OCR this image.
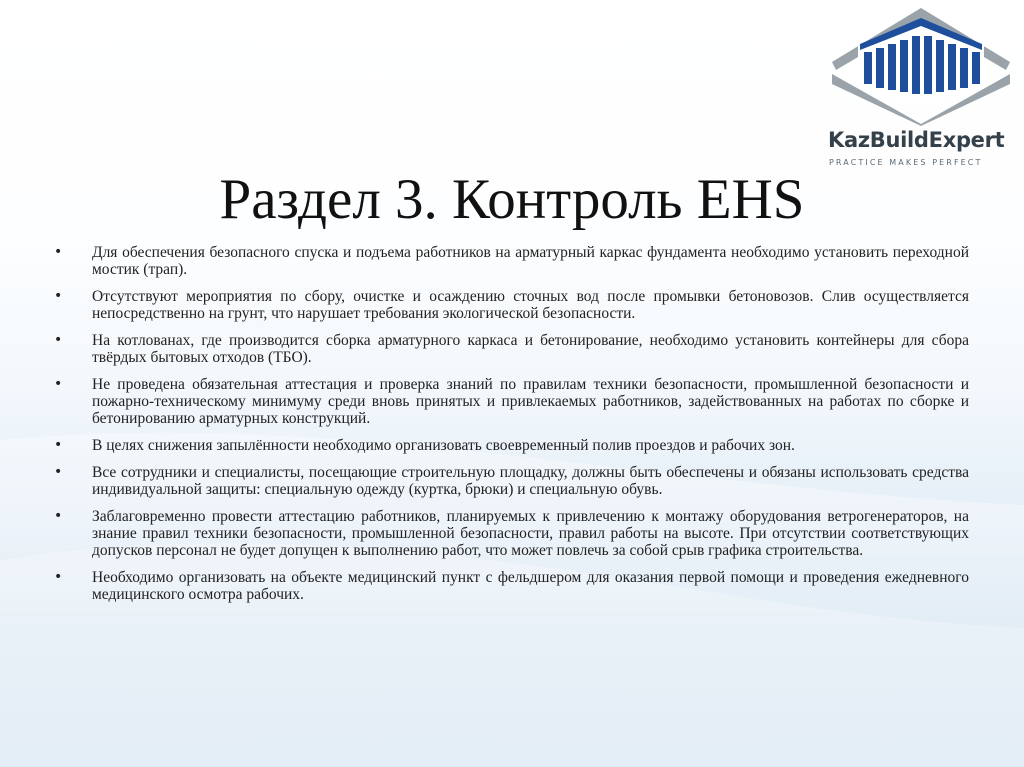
KazBuildExpert
PRACTICE MAKES PERFECT
Раздел 3. Контроль EHS
• Для обеспечения безопасного спуска и подъема работников на арматурный каркас фундамента необходимо установить переходной мостик (трап).
• Отсутствуют мероприятия по сбору, очистке и осаждению сточных вод после промывки бетоновозов. Слив осуществляется непосредственно на грунт, что нарушает требования экологической безопасности.
• На котлованах, где производится сборка арматурного каркаса и бетонирование, необходимо установить контейнеры для сбора твёрдых бытовых отходов (ТБО).
• Не проведена обязательная аттестация и проверка знаний по правилам техники безопасности, промышленной безопасности и пожарно-техническому минимуму среди вновь принятых и привлекаемых работников, задействованных на работах по сборке и бетонированию арматурных конструкций.
• В целях снижения запылённости необходимо организовать своевременный полив проездов и рабочих зон.
• Все сотрудники и специалисты, посещающие строительную площадку, должны быть обеспечены и обязаны использовать средства индивидуальной защиты: специальную одежду (куртка, брюки) и специальную обувь.
• Заблаговременно провести аттестацию работников, планируемых к привлечению к монтажу оборудования ветрогенераторов, на знание правил техники безопасности, промышленной безопасности, правил работы на высоте. При отсутствии соответствующих допусков персонал не будет допущен к выполнению работ, что может повлечь за собой срыв графика строительства.
• Необходимо организовать на объекте медицинский пункт с фельдшером для оказания первой помощи и проведения ежедневного медицинского осмотра рабочих.
